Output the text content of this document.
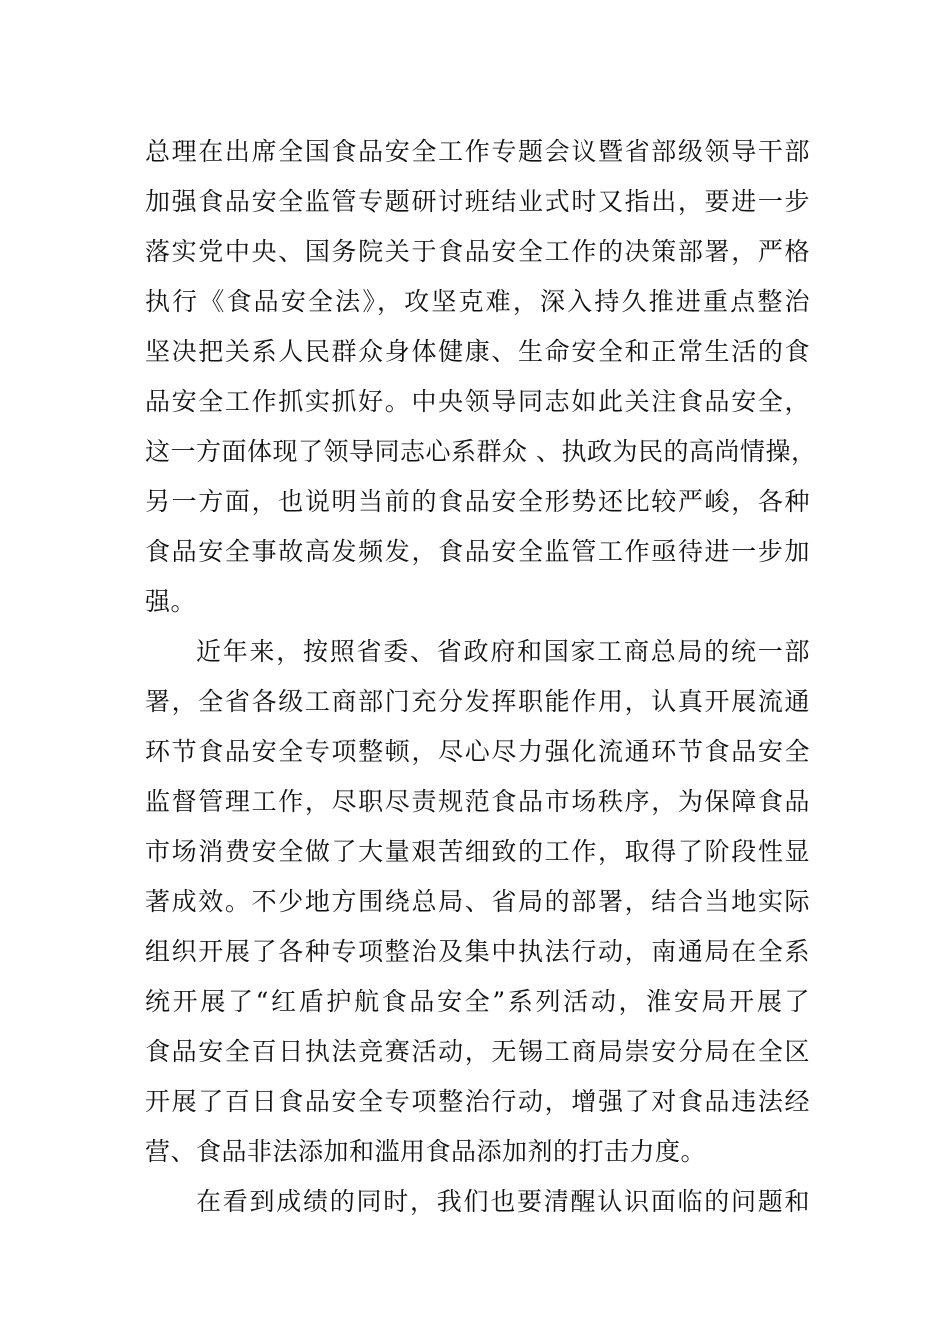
总理在出席全国食品安全工作专题会议暨省部级领导干部
加强食品安全监管专题研讨班结业式时又指出，要进一步
落实党中央、国务院关于食品安全工作的决策部署，严格
执行《食品安全法》，攻坚克难，深入持久推进重点整治
坚决把关系人民群众身体健康、生命安全和正常生活的食
品安全工作抓实抓好。中央领导同志如此关注食品安全，
这一方面体现了领导同志心系群众 、执政为民的高尚情操，
另一方面，也说明当前的食品安全形势还比较严峻，各种
食品安全事故高发频发，食品安全监管工作亟待进一步加
强。
近年来，按照省委、省政府和国家工商总局的统一部
署，全省各级工商部门充分发挥职能作用，认真开展流通
环节食品安全专项整顿，尽心尽力强化流通环节食品安全
监督管理工作，尽职尽责规范食品市场秩序，为保障食品
市场消费安全做了大量艰苦细致的工作，取得了阶段性显
著成效。不少地方围绕总局、省局的部署，结合当地实际
组织开展了各种专项整治及集中执法行动，南通局在全系
统开展了“红盾护航食品安全”系列活动，淮安局开展了
食品安全百日执法竞赛活动，无锡工商局崇安分局在全区
开展了百日食品安全专项整治行动，增强了对食品违法经
营、食品非法添加和滥用食品添加剂的打击力度。
在看到成绩的同时，我们也要清醒认识面临的问题和
